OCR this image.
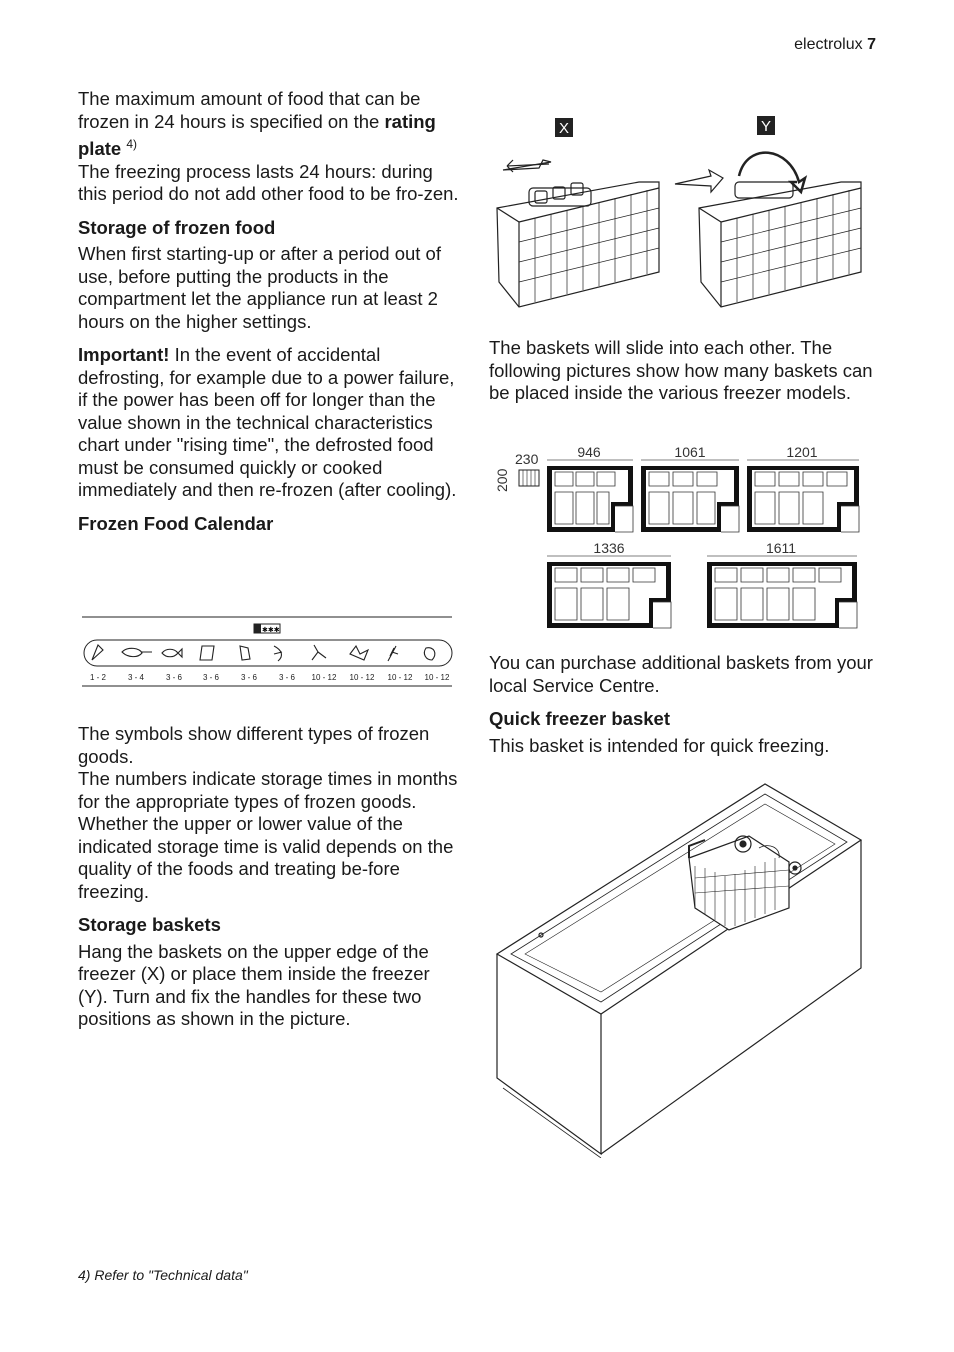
electrolux 7

The maximum amount of food that can be frozen in 24 hours is specified on the rating plate $^{4)}$

The freezing process lasts 24 hours: during this period do not add other food to be fro-zen.

Storage of frozen food

When first starting-up or after a period out of use, before putting the products in the compartment let the appliance run at least 2 hours on the higher settings.

Important! In the event of accidental defrosting, for example due to a power failure, if the power has been off for longer than the value shown in the technical characteristics chart under "rising time", the defrosted food must be consumed quickly or cooked immediately and then re-frozen (after cooling).

Frozen Food Calendar
✱✱✱
1 - 2	3 - 4	3 - 6	3 - 6	3 - 6	3 - 6 10 - 12 10 - 12 10 - 12 10 - 12

The symbols show different types of frozen goods.

The numbers indicate storage times in months for the appropriate types of frozen goods. Whether the upper or lower value of the indicated storage time is valid depends on the quality of the foods and treating be-fore freezing.

Storage baskets

Hang the baskets on the upper edge of the freezer (X) or place them inside the freezer (Y). Turn and fix the handles for these two positions as shown in the picture.

X	Y

The baskets will slide into each other. The following pictures show how many baskets can be placed inside the various freezer models.

230
200
946	1061	1201
1336	1611

You can purchase additional baskets from your local Service Centre.

Quick freezer basket

This basket is intended for quick freezing.

4) Refer to "Technical data"
